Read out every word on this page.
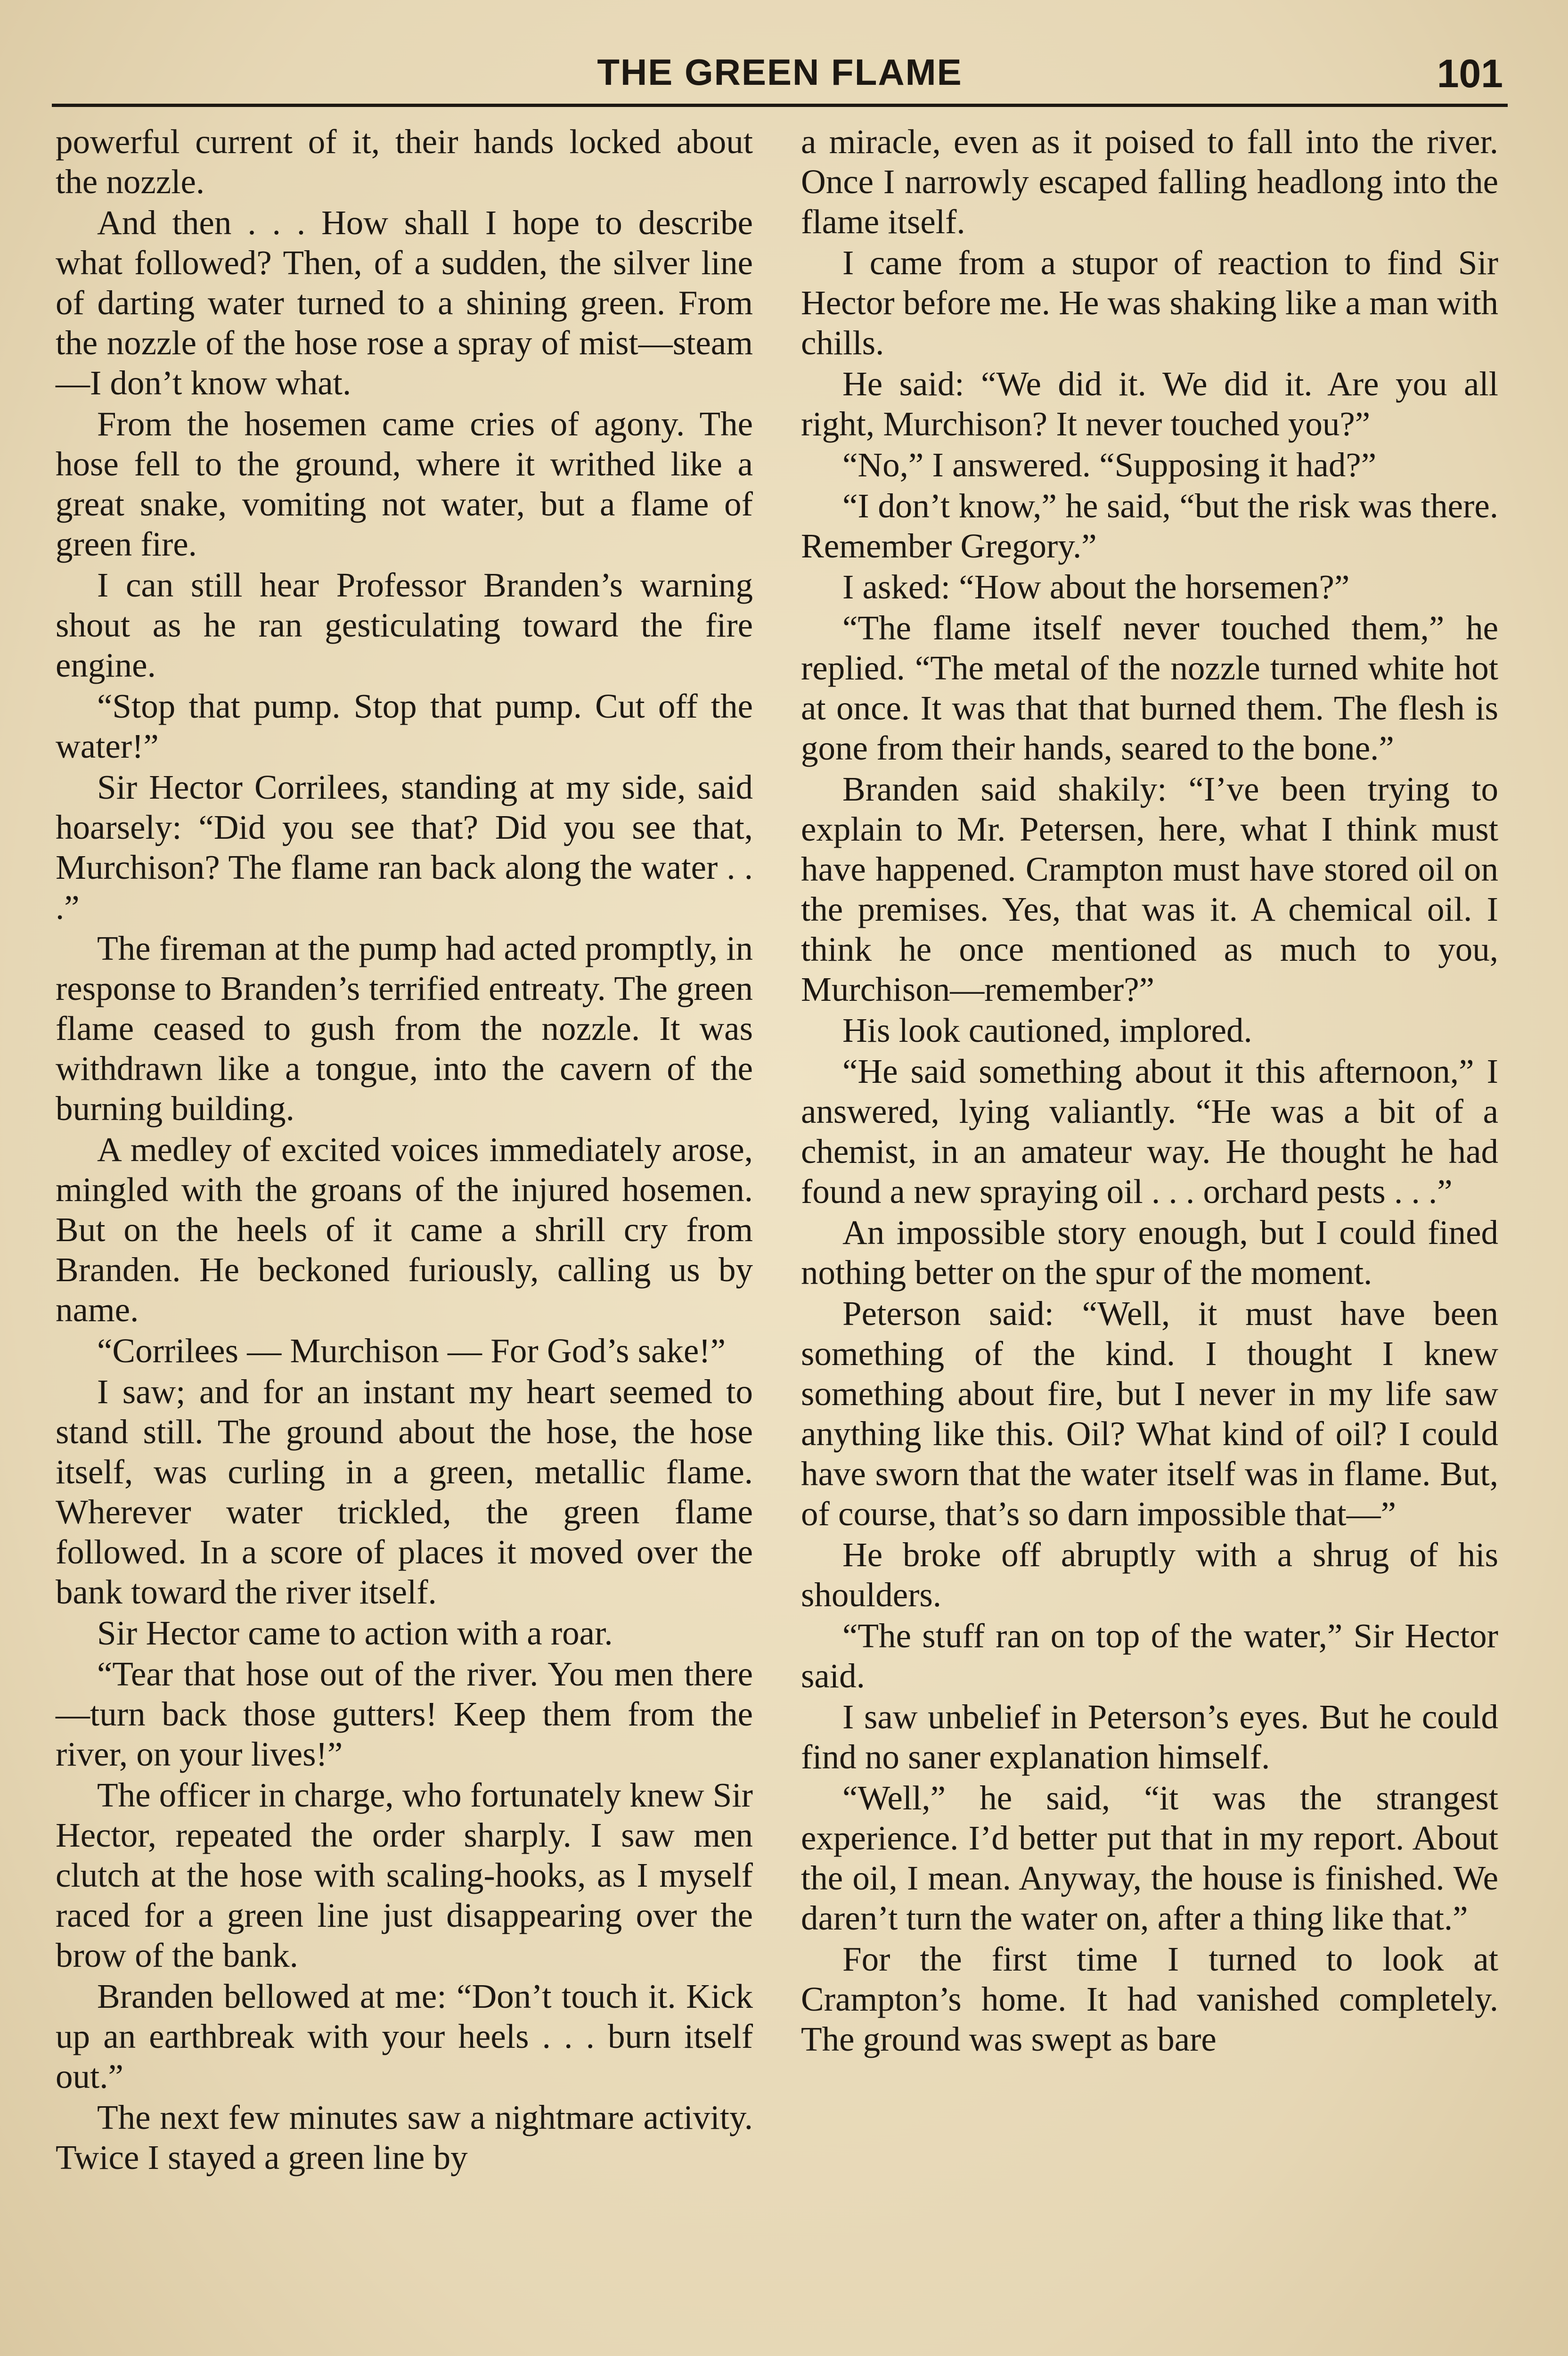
THE GREEN FLAME	101

powerful current of it, their hands locked about the nozzle.

And then . . . How shall I hope to describe what followed? Then, of a sudden, the silver line of darting water turned to a shining green. From the nozzle of the hose rose a spray of mist—steam—I don’t know what.

From the hosemen came cries of agony. The hose fell to the ground, where it writhed like a great snake, vomiting not water, but a flame of green fire.

I can still hear Professor Branden’s warning shout as he ran gesticulating toward the fire engine.

“Stop that pump. Stop that pump. Cut off the water!”

Sir Hector Corrilees, standing at my side, said hoarsely: “Did you see that? Did you see that, Murchison? The flame ran back along the water . . .”

The fireman at the pump had acted promptly, in response to Branden’s terrified entreaty. The green flame ceased to gush from the nozzle. It was withdrawn like a tongue, into the cavern of the burning building.

A medley of excited voices immediately arose, mingled with the groans of the injured hosemen. But on the heels of it came a shrill cry from Branden. He beckoned furiously, calling us by name.

“Corrilees — Murchison — For God’s sake!”

I saw; and for an instant my heart seemed to stand still. The ground about the hose, the hose itself, was curling in a green, metallic flame. Wherever water trickled, the green flame followed. In a score of places it moved over the bank toward the river itself.

Sir Hector came to action with a roar.

“Tear that hose out of the river. You men there—turn back those gutters! Keep them from the river, on your lives!”

The officer in charge, who fortunately knew Sir Hector, repeated the order sharply. I saw men clutch at the hose with scaling-hooks, as I myself raced for a green line just disappearing over the brow of the bank.

Branden bellowed at me: “Don’t touch it. Kick up an earthbreak with your heels . . . burn itself out.”

The next few minutes saw a nightmare activity. Twice I stayed a green line by

a miracle, even as it poised to fall into the river. Once I narrowly escaped falling headlong into the flame itself.

I came from a stupor of reaction to find Sir Hector before me. He was shaking like a man with chills.

He said: “We did it. We did it. Are you all right, Murchison? It never touched you?”

“No,” I answered. “Supposing it had?”

“I don’t know,” he said, “but the risk was there. Remember Gregory.”

I asked: “How about the horsemen?”

“The flame itself never touched them,” he replied. “The metal of the nozzle turned white hot at once. It was that that burned them. The flesh is gone from their hands, seared to the bone.”

Branden said shakily: “I’ve been trying to explain to Mr. Petersen, here, what I think must have happened. Crampton must have stored oil on the premises. Yes, that was it. A chemical oil. I think he once mentioned as much to you, Murchison—remember?”

His look cautioned, implored.

“He said something about it this afternoon,” I answered, lying valiantly. “He was a bit of a chemist, in an amateur way. He thought he had found a new spraying oil . . . orchard pests . . .”

An impossible story enough, but I could fined nothing better on the spur of the moment.

Peterson said: “Well, it must have been something of the kind. I thought I knew something about fire, but I never in my life saw anything like this. Oil? What kind of oil? I could have sworn that the water itself was in flame. But, of course, that’s so darn impossible that—”

He broke off abruptly with a shrug of his shoulders.

“The stuff ran on top of the water,” Sir Hector said.

I saw unbelief in Peterson’s eyes. But he could find no saner explanation himself.

“Well,” he said, “it was the strangest experience. I’d better put that in my report. About the oil, I mean. Anyway, the house is finished. We daren’t turn the water on, after a thing like that.”

For the first time I turned to look at Crampton’s home. It had vanished completely. The ground was swept as bare
